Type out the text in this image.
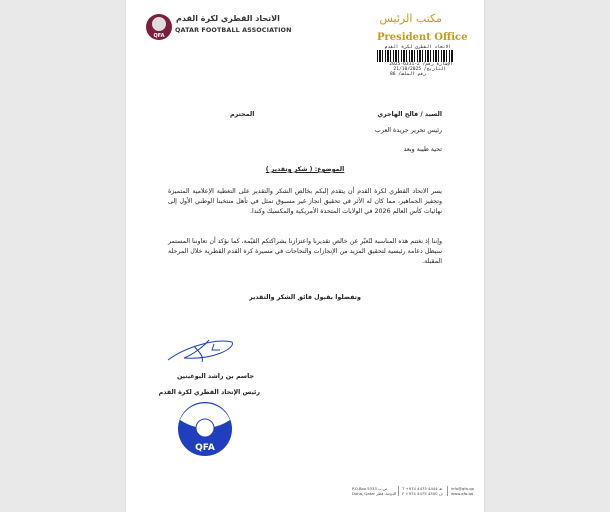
QFA
الاتحاد القطري لكرة القدم
QATAR FOOTBALL ASSOCIATION
مكتب الرئيس
President Office
الاتحاد القطري لكرة القدم
الإشارة رقم/ 2-6331-2025
التاريخ/ 21/10/2025
رقم الملف/ 86
السيد / فالح الهاجري
المحترم
رئيس تحرير جريدة العرب
تحية طيبة وبعد
الموضوع: ( شكر وتقدير )
يسر الاتحاد القطري لكرة القدم أن يتقدم إليكم بخالص الشكر والتقدير على التغطية الإعلامية المتميزة وتحفيز الجماهير، مما كان له الأثر في تحقيق انجاز غير مسبوق تمثل في تأهل منتخبنا الوطني الأول إلى نهائيات كأس العالم 2026 في الولايات المتحدة الأمريكية والمكسيك وكندا.
وإننا إذ نغتنم هذه المناسبة لنُعبّر عن خالص تقديرنا واعتزازنا بشراكتكم القيّمة، كما نؤكد أن تعاوننا المستمر سيظل دعامة رئيسية لتحقيق المزيد من الإنجازات والنجاحات في مسيرة كرة القدم القطرية خلال المرحلة المقبلة.
وتفضلوا بقبول فائق الشكر والتقدير
جاسم بن راشد البوعينين
رئيس الإتحاد القطري لكرة القدم
QFA
P.O.Box 5333 ص.ب
Doha, Qatar الدوحة، قطر
T +974 4475 4444 هـ
F +974 4475 4300 ف
info@qfa.qa
www.qfa.qa
